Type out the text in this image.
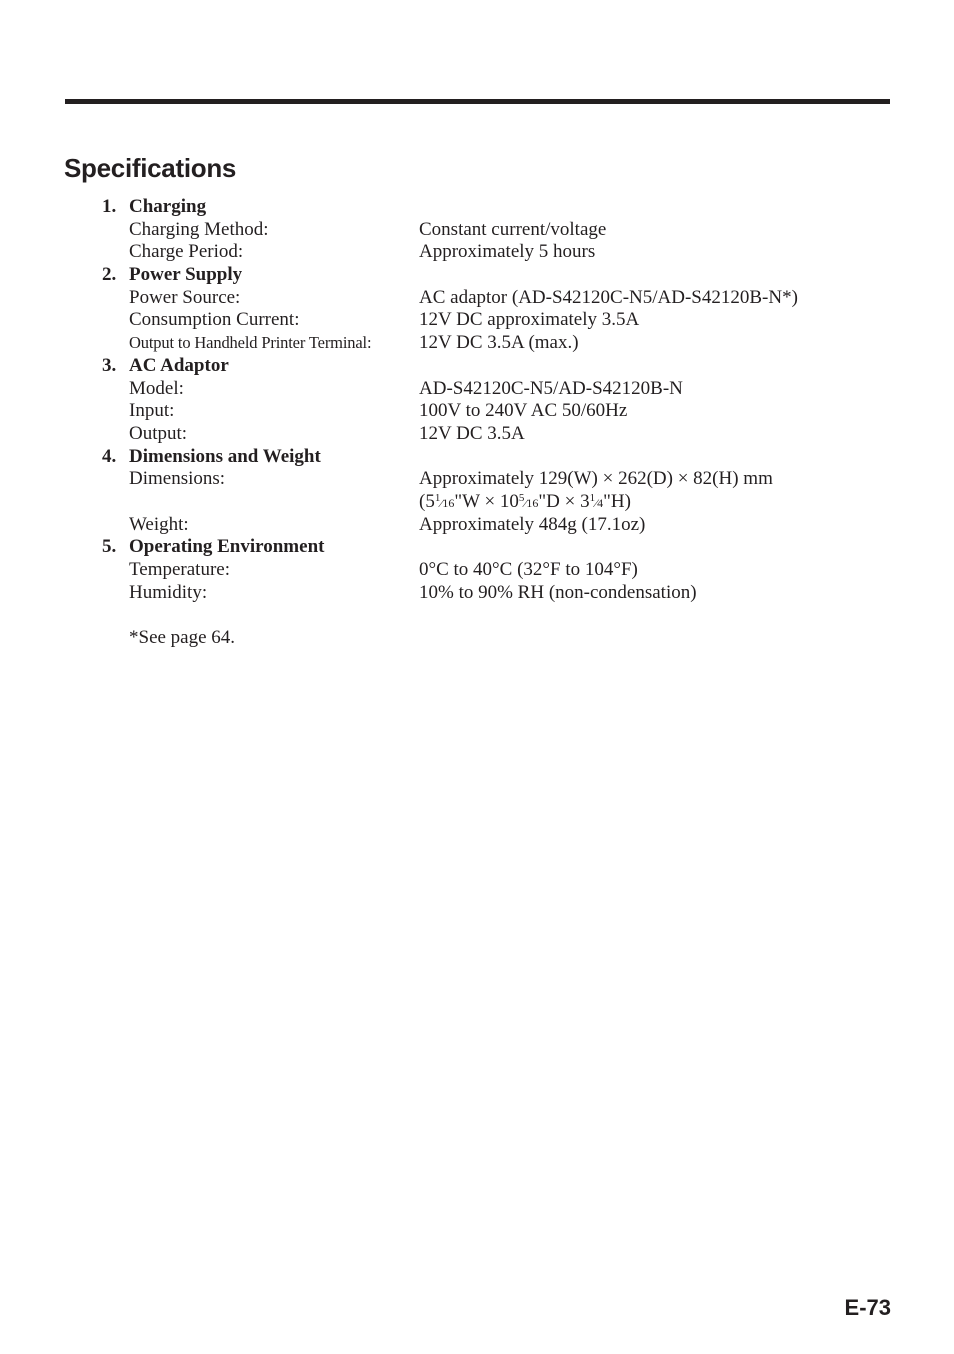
Specifications
1. Charging
Charging Method:	Constant current/voltage
Charge Period:	Approximately 5 hours
2. Power Supply
Power Source:	AC adaptor (AD-S42120C-N5/AD-S42120B-N*)
Consumption Current:	12V DC approximately 3.5A
Output to Handheld Printer Terminal:	12V DC 3.5A (max.)
3. AC Adaptor
Model:	AD-S42120C-N5/AD-S42120B-N
Input:	100V to 240V AC 50/60Hz
Output:	12V DC 3.5A
4. Dimensions and Weight
Dimensions:	Approximately 129(W) × 262(D) × 82(H) mm
($5^1⁄16"W$ × $10^5⁄16"D$ × $3^1⁄4"H$)
Weight:	Approximately 484g (17.1oz)
5. Operating Environment
Temperature:	0°C to 40°C (32°F to 104°F)
Humidity:	10% to 90% RH (non-condensation)
*See page 64.
E-73
